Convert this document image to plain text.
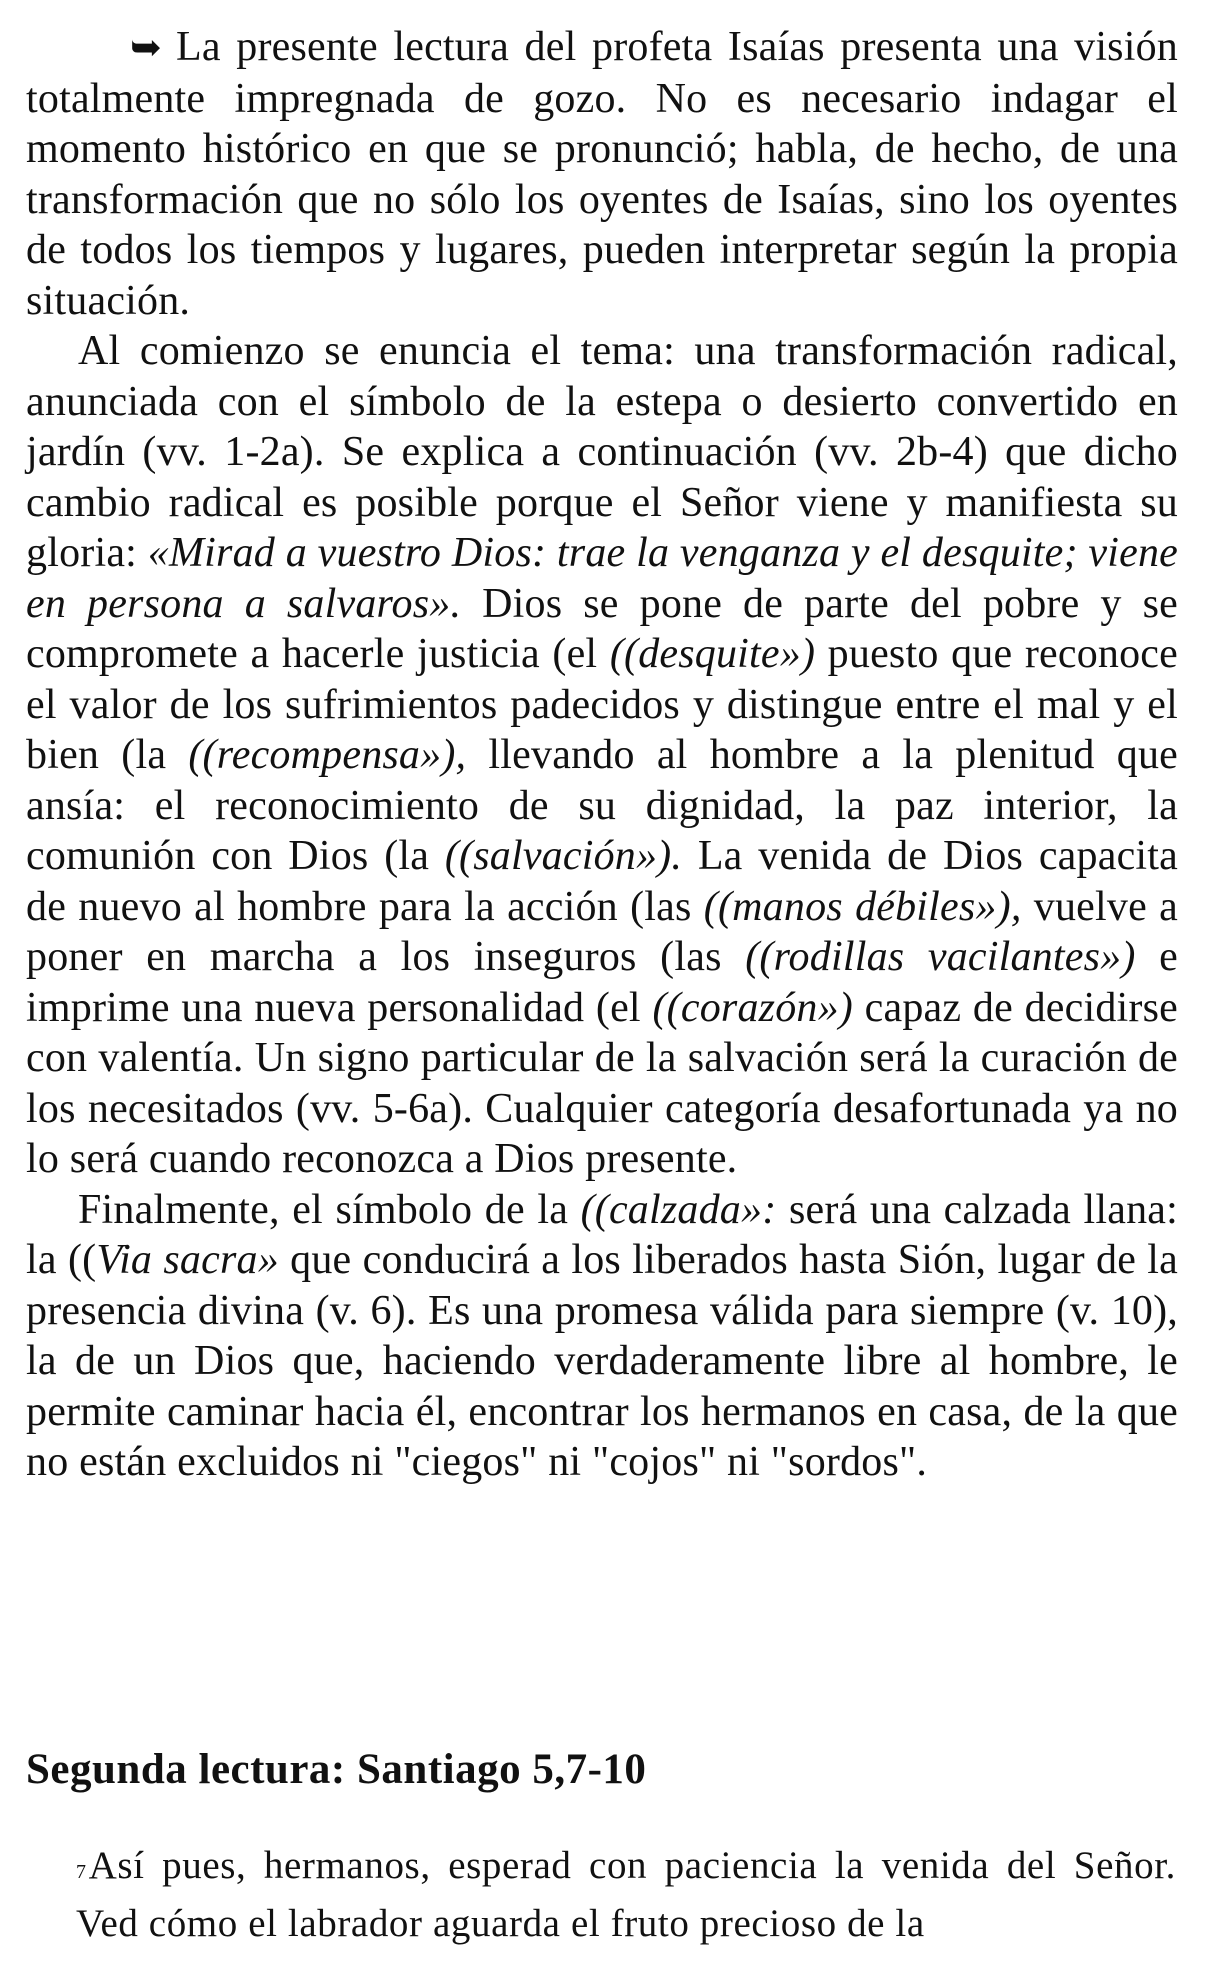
➥ La presente lectura del profeta Isaías presenta una visión totalmente impregnada de gozo. No es necesario indagar el momento histórico en que se pronunció; habla, de hecho, de una transformación que no sólo los oyentes de Isaías, sino los oyentes de todos los tiempos y lugares, pueden interpretar según la propia situación.

Al comienzo se enuncia el tema: una transformación radical, anunciada con el símbolo de la estepa o desierto convertido en jardín (vv. 1-2a). Se explica a continuación (vv. 2b-4) que dicho cambio radical es posible porque el Señor viene y manifiesta su gloria: «Mirad a vuestro Dios: trae la venganza y el desquite; viene en persona a salvaros». Dios se pone de parte del pobre y se compromete a hacerle justicia (el ((desquite») puesto que reconoce el valor de los sufrimientos padecidos y distingue entre el mal y el bien (la ((recompensa»), llevando al hombre a la plenitud que ansía: el reconocimiento de su dignidad, la paz interior, la comunión con Dios (la ((salvación»). La venida de Dios capacita de nuevo al hombre para la acción (las ((manos débiles»), vuelve a poner en marcha a los inseguros (las ((rodillas vacilantes») e imprime una nueva personalidad (el ((corazón») capaz de decidirse con valentía. Un signo particular de la salvación será la curación de los necesitados (vv. 5-6a). Cualquier categoría desafortunada ya no lo será cuando reconozca a Dios presente.

Finalmente, el símbolo de la ((calzada»: será una calzada llana: la ((Via sacra» que conducirá a los liberados hasta Sión, lugar de la presencia divina (v. 6). Es una promesa válida para siempre (v. 10), la de un Dios que, haciendo verdaderamente libre al hombre, le permite caminar hacia él, encontrar los hermanos en casa, de la que no están excluidos ni "ciegos" ni "cojos" ni "sordos".

Segunda lectura: Santiago 5,7-10

7Así pues, hermanos, esperad con paciencia la venida del Señor. Ved cómo el labrador aguarda el fruto precioso de la
